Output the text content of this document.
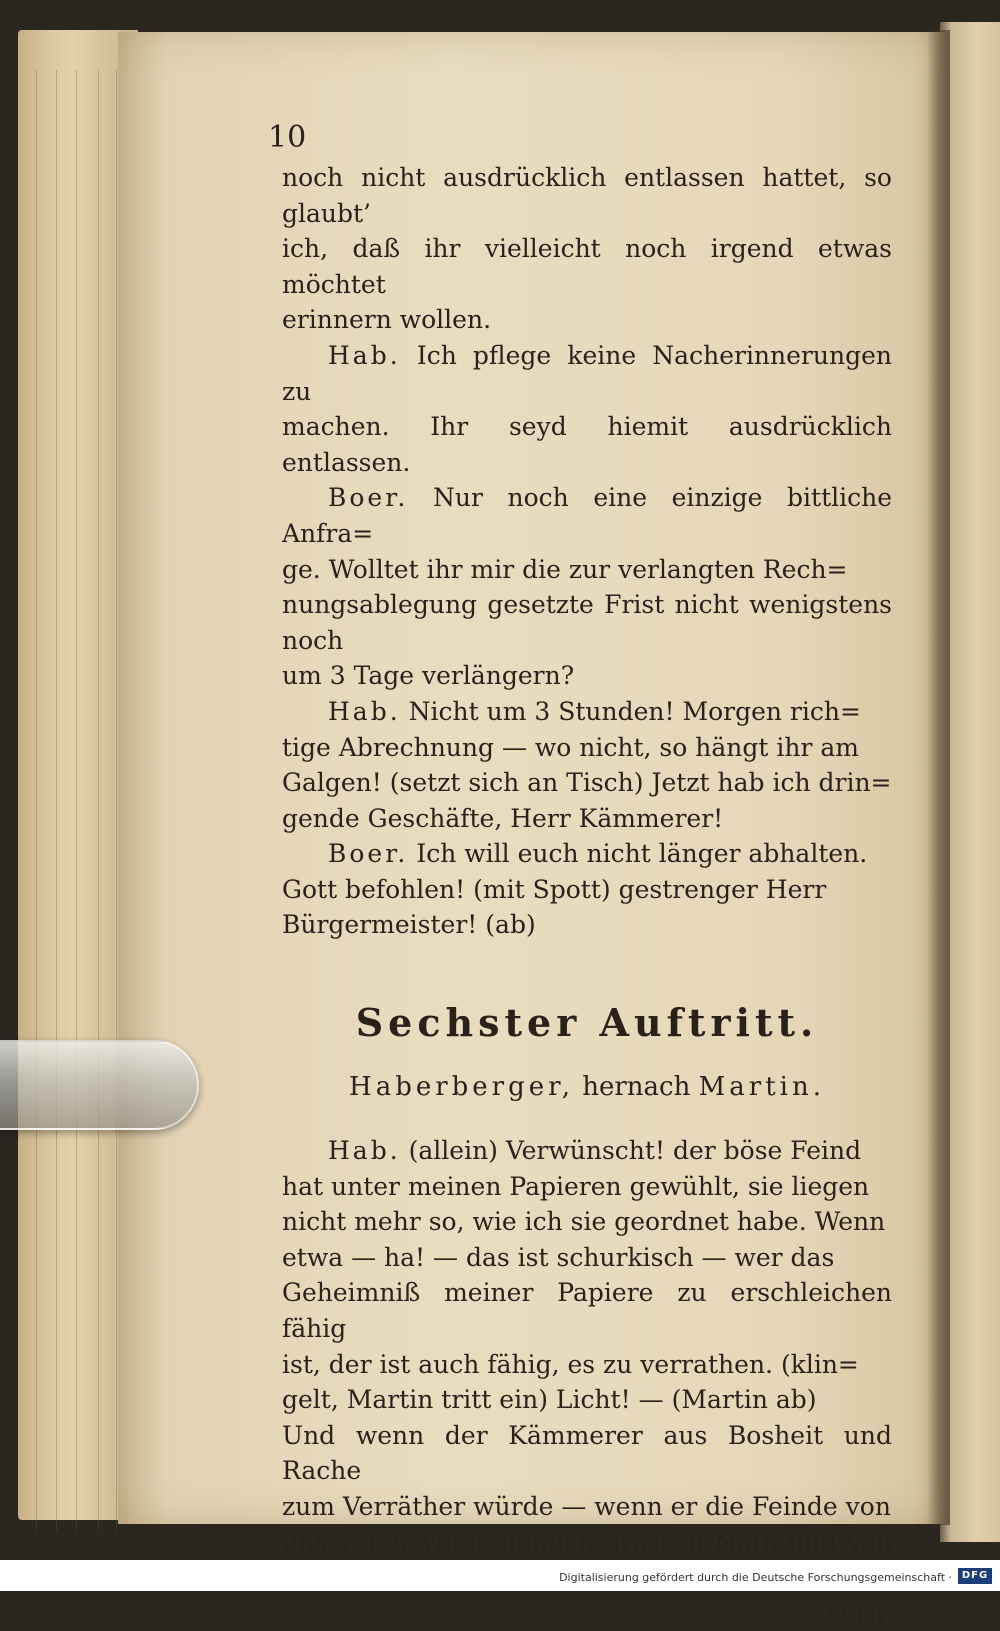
10

noch nicht ausdrücklich entlassen hattet, so glaubt’
ich, daß ihr vielleicht noch irgend etwas möchtet
erinnern wollen.

Hab. Ich pflege keine Nacherinnerungen zu
machen. Ihr seyd hiemit ausdrücklich entlassen.

Boer. Nur noch eine einzige bittliche Anfra=
ge. Wolltet ihr mir die zur verlangten Rech=
nungsablegung gesetzte Frist nicht wenigstens noch
um 3 Tage verlängern?

Hab. Nicht um 3 Stunden! Morgen rich=
tige Abrechnung — wo nicht, so hängt ihr am
Galgen! (setzt sich an Tisch) Jetzt hab ich drin=
gende Geschäfte, Herr Kämmerer!

Boer. Ich will euch nicht länger abhalten.
Gott befohlen! (mit Spott) gestrenger Herr
Bürgermeister! (ab)

Sechster Auftritt.
Haberberger, hernach Martin.

Hab. (allein) Verwünscht! der böse Feind
hat unter meinen Papieren gewühlt, sie liegen
nicht mehr so, wie ich sie geordnet habe. Wenn
etwa — ha! — das ist schurkisch — wer das
Geheimniß meiner Papiere zu erschleichen fähig
ist, der ist auch fähig, es zu verrathen. (klin=
gelt, Martin tritt ein) Licht! — (Martin ab)
Und wenn der Kämmerer aus Bosheit und Rache
zum Verräther würde — wenn er die Feinde von
unserer bevorstehenden grossen Noth und von

sern

Digitalisierung gefördert durch die Deutsche Forschungsgemeinschaft · DFG
